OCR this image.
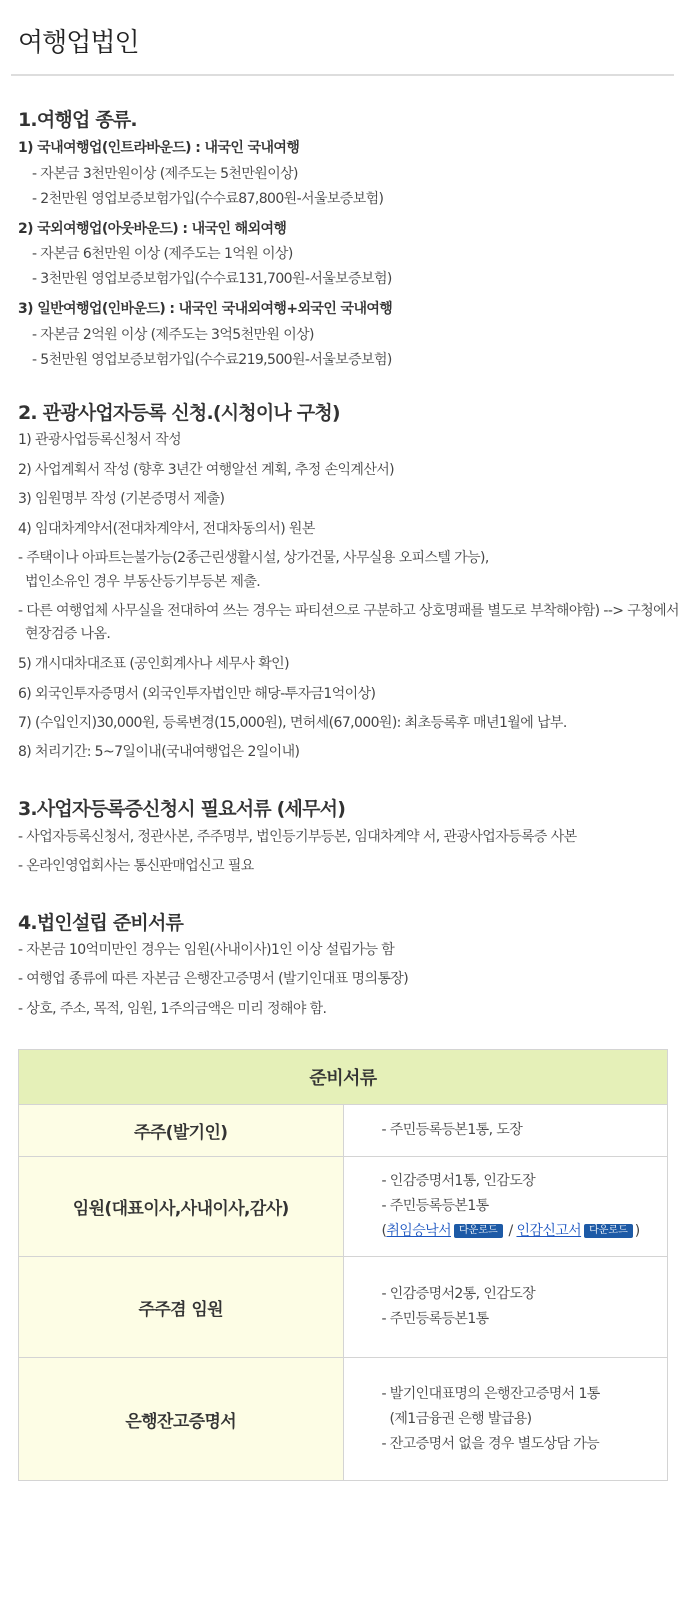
여행업법인
1.여행업 종류.
1) 국내여행업(인트라바운드) : 내국인 국내여행
- 자본금 3천만원이상 (제주도는 5천만원이상)
- 2천만원 영업보증보험가입(수수료87,800원-서울보증보험)
2) 국외여행업(아웃바운드) : 내국인 해외여행
- 자본금 6천만원 이상 (제주도는 1억원 이상)
- 3천만원 영업보증보험가입(수수료131,700원-서울보증보험)
3) 일반여행업(인바운드) : 내국인 국내외여행+외국인 국내여행
- 자본금 2억원 이상 (제주도는 3억5천만원 이상)
- 5천만원 영업보증보험가입(수수료219,500원-서울보증보험)
2. 관광사업자등록 신청.(시청이나 구청)
1) 관광사업등록신청서 작성
2) 사업계획서 작성 (향후 3년간 여행알선 계획, 추정 손익계산서)
3) 임원명부 작성 (기본증명서 제출)
4) 임대차계약서(전대차계약서, 전대차동의서) 원본
- 주택이나 아파트는불가능(2종근린생활시설, 상가건물, 사무실용 오피스텔 가능),
법인소유인 경우 부동산등기부등본 제출.
- 다른 여행업체 사무실을 전대하여 쓰는 경우는 파티션으로 구분하고 상호명패를 별도로 부착해야함) --> 구청에서
현장검증 나옴.
5) 개시대차대조표 (공인회계사나 세무사 확인)
6) 외국인투자증명서 (외국인투자법인만 해당-투자금1억이상)
7) (수입인지)30,000원, 등록변경(15,000원), 면허세(67,000원): 최초등록후 매년1월에 납부.
8) 처리기간: 5~7일이내(국내여행업은 2일이내)
3.사업자등록증신청시 필요서류 (세무서)
- 사업자등록신청서, 정관사본, 주주명부, 법인등기부등본, 임대차계약 서, 관광사업자등록증 사본
- 온라인영업회사는 통신판매업신고 필요
4.법인설립 준비서류
- 자본금 10억미만인 경우는 임원(사내이사)1인 이상 설립가능 함
- 여행업 종류에 따른 자본금 은행잔고증명서 (발기인대표 명의통장)
- 상호, 주소, 목적, 임원, 1주의금액은 미리 정해야 함.
준비서류	
주주(발기인)	- 주민등록등본1통, 도장

임원(대표이사,사내이사,감사)	- 인감증명서1통, 인감도장
- 주민등록등본1통
(취임승낙서 다운로드 / 인감신고서 다운로드 )

주주겸 임원	- 인감증명서2통, 인감도장
- 주민등록등본1통

은행잔고증명서	- 발기인대표명의 은행잔고증명서 1통
(제1금융권 은행 발급용)
- 잔고증명서 없을 경우 별도상담 가능
